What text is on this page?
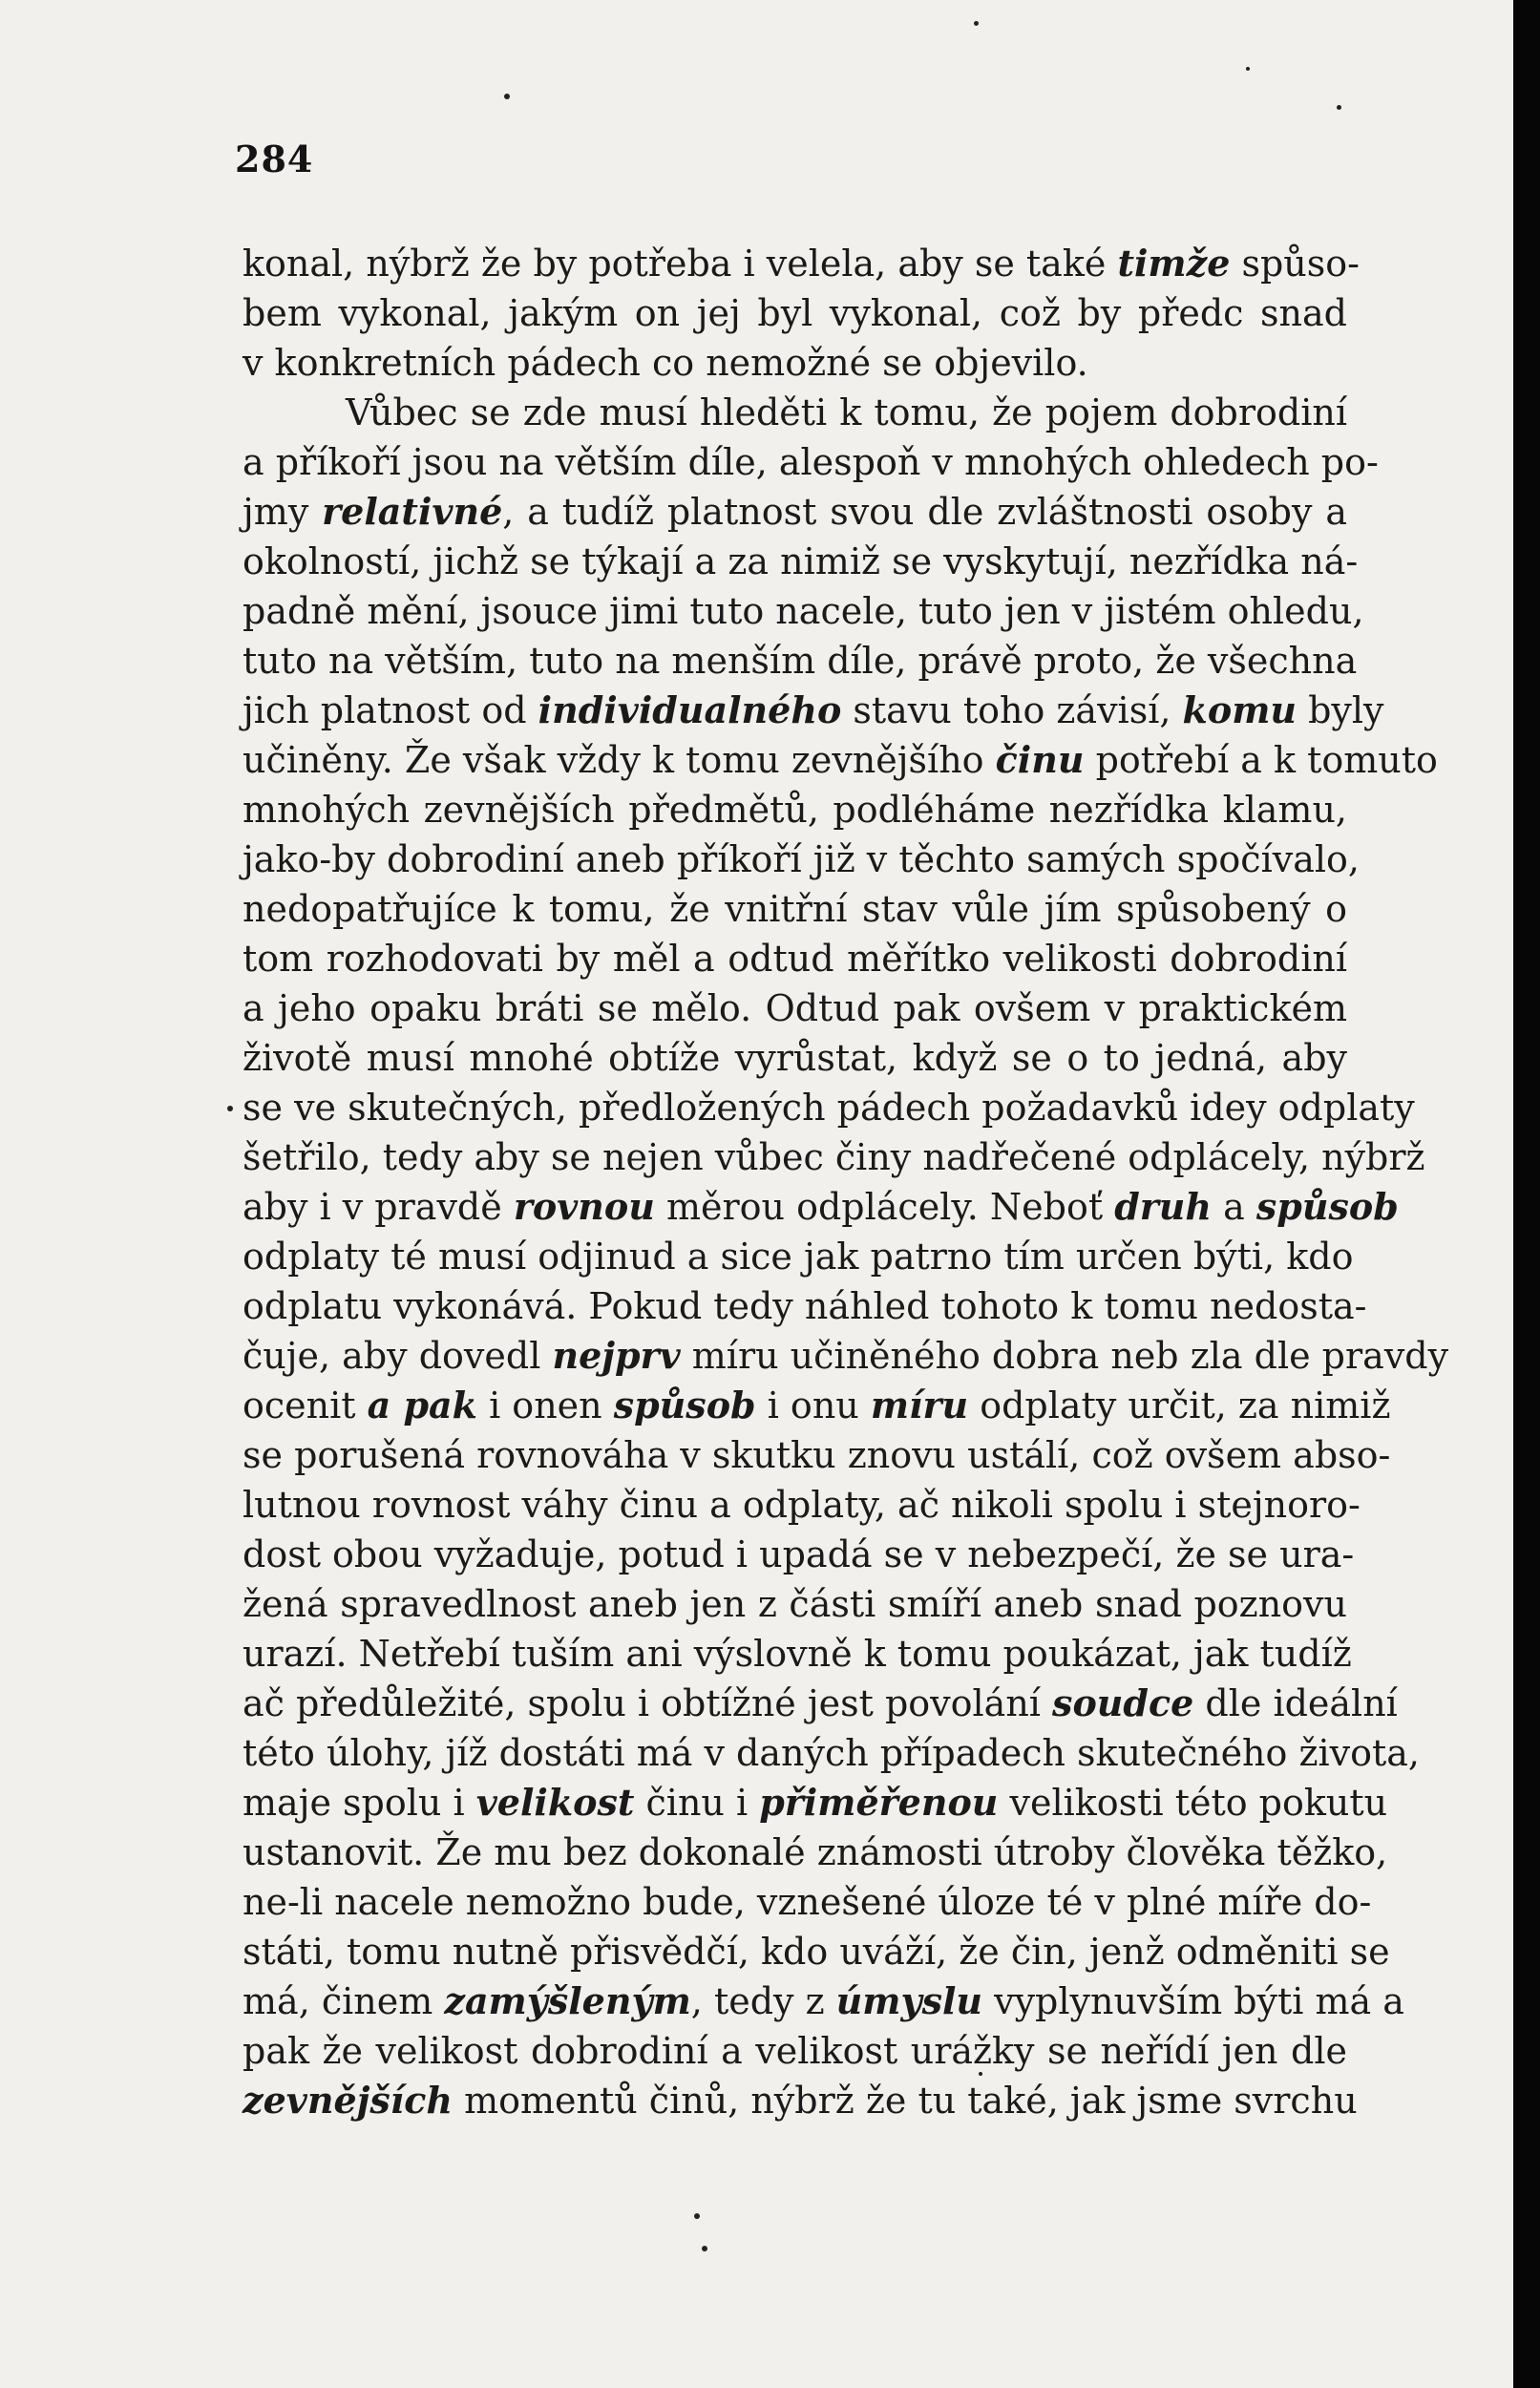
284
konal, nýbrž že by potřeba i velela, aby se také timže spůso-
bem vykonal, jakým on jej byl vykonal, což by předc snad
v konkretních pádech co nemožné se objevilo.
Vůbec se zde musí hleděti k tomu, že pojem dobrodiní
a příkoří jsou na větším díle, alespoň v mnohých ohledech po-
jmy relativné, a tudíž platnost svou dle zvláštnosti osoby a
okolností, jichž se týkají a za nimiž se vyskytují, nezřídka ná-
padně mění, jsouce jimi tuto nacele, tuto jen v jistém ohledu,
tuto na větším, tuto na menším díle, právě proto, že všechna
jich platnost od individualného stavu toho závisí, komu byly
učiněny. Že však vždy k tomu zevnějšího činu potřebí a k tomuto
mnohých zevnějších předmětů, podléháme nezřídka klamu,
jako-by dobrodiní aneb příkoří již v těchto samých spočívalo,
nedopatřujíce k tomu, že vnitřní stav vůle jím spůsobený o
tom rozhodovati by měl a odtud měřítko velikosti dobrodiní
a jeho opaku bráti se mělo. Odtud pak ovšem v praktickém
životě musí mnohé obtíže vyrůstat, když se o to jedná, aby
se ve skutečných, předložených pádech požadavků idey odplaty
šetřilo, tedy aby se nejen vůbec činy nadřečené odplácely, nýbrž
aby i v pravdě rovnou měrou odplácely. Neboť druh a spůsob
odplaty té musí odjinud a sice jak patrno tím určen býti, kdo
odplatu vykonává. Pokud tedy náhled tohoto k tomu nedosta-
čuje, aby dovedl nejprv míru učiněného dobra neb zla dle pravdy
ocenit a pak i onen spůsob i onu míru odplaty určit, za nimiž
se porušená rovnováha v skutku znovu ustálí, což ovšem abso-
lutnou rovnost váhy činu a odplaty, ač nikoli spolu i stejnoro-
dost obou vyžaduje, potud i upadá se v nebezpečí, že se ura-
žená spravedlnost aneb jen z části smíří aneb snad poznovu
urazí. Netřebí tuším ani výslovně k tomu poukázat, jak tudíž
ač předůležité, spolu i obtížné jest povolání soudce dle ideální
této úlohy, jíž dostáti má v daných případech skutečného života,
maje spolu i velikost činu i přiměřenou velikosti této pokutu
ustanovit. Že mu bez dokonalé známosti útroby člověka těžko,
ne-li nacele nemožno bude, vznešené úloze té v plné míře do-
státi, tomu nutně přisvědčí, kdo uváží, že čin, jenž odměniti se
má, činem zamýšleným, tedy z úmyslu vyplynuvším býti má a
pak že velikost dobrodiní a velikost urážky se neřídí jen dle
zevnějších momentů činů, nýbrž že tu také, jak jsme svrchu
